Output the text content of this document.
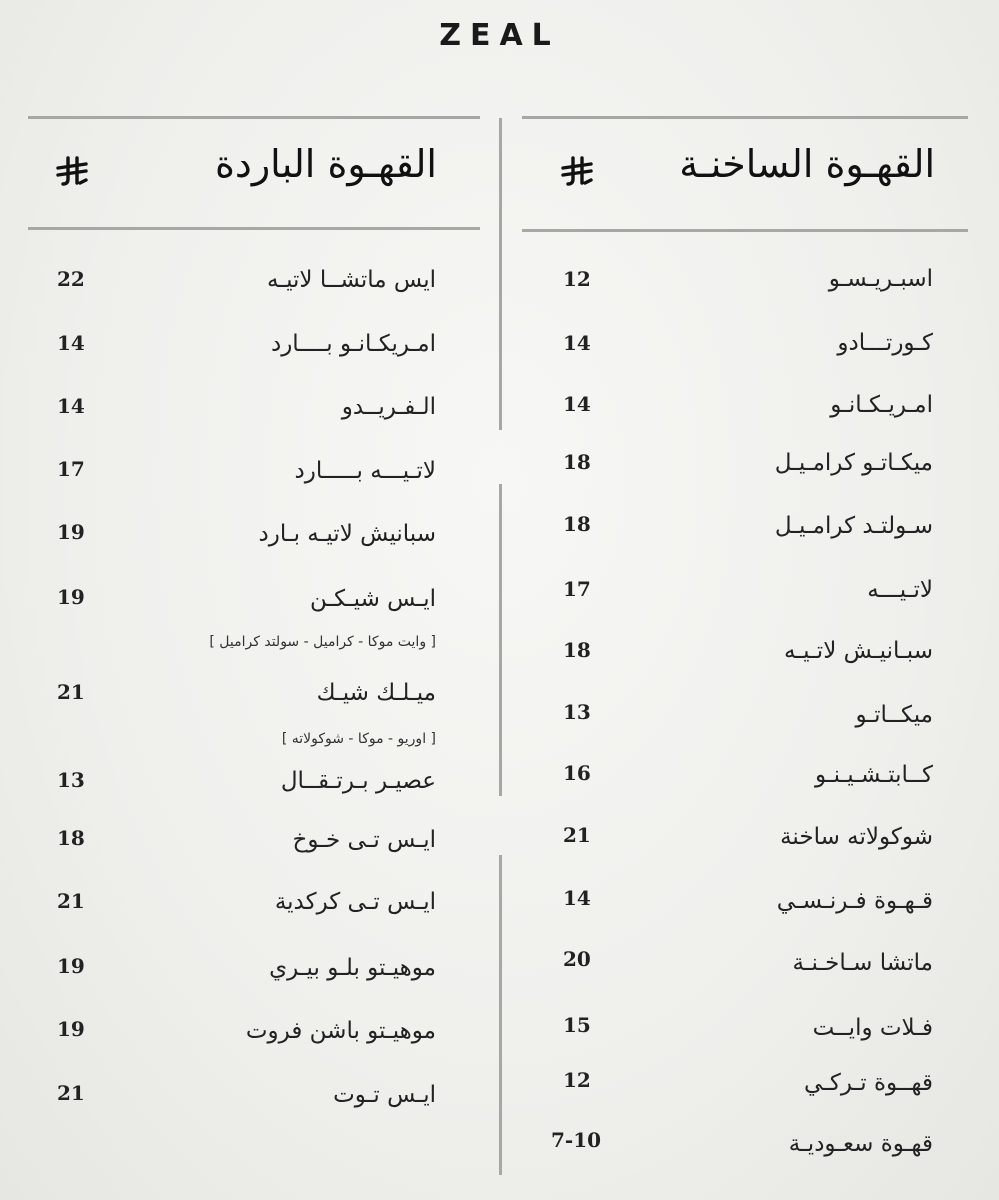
ZEAL
القهـوة الباردة	القهـوة الساخنـة
اسبـريـسـو
12
كـورتـــادو
14
امـريـكـانـو
14
ميكـاتـو كرامـيـل
18
سـولتـد كرامـيـل
18
لاتـيـــه
17
سبـانيـش لاتـيـه
18
ميكــاتـو
13
كــابتـشـيـنـو
16
شوكولاته ساخنة
21
قـهـوة فـرنـسـي
14
ماتشا سـاخـنـة
20
فـلات وايــت
15
قهــوة تـركـي
12
قهـوة سعـوديـة
7-10
ايس ماتشــا لاتيـه
22
امـريكـانـو بــــارد
14
الـفـريــدو
14
لاتـيـــه بـــــارد
17
سبانيش لاتيـه بـارد
19
ايـس شيـكـن
19
[ وايت موكا - كراميل - سولتد كراميل ]
ميـلـك شيـك
21
[ اوريو - موكا - شوكولاته ]
عصيـر بـرتـقــال
13
ايـس تـى خـوخ
18
ايـس تـى كركدية
21
موهيـتو بلـو بيـري
19
موهيـتو باشن فروت
19
ايـس تـوت
21
